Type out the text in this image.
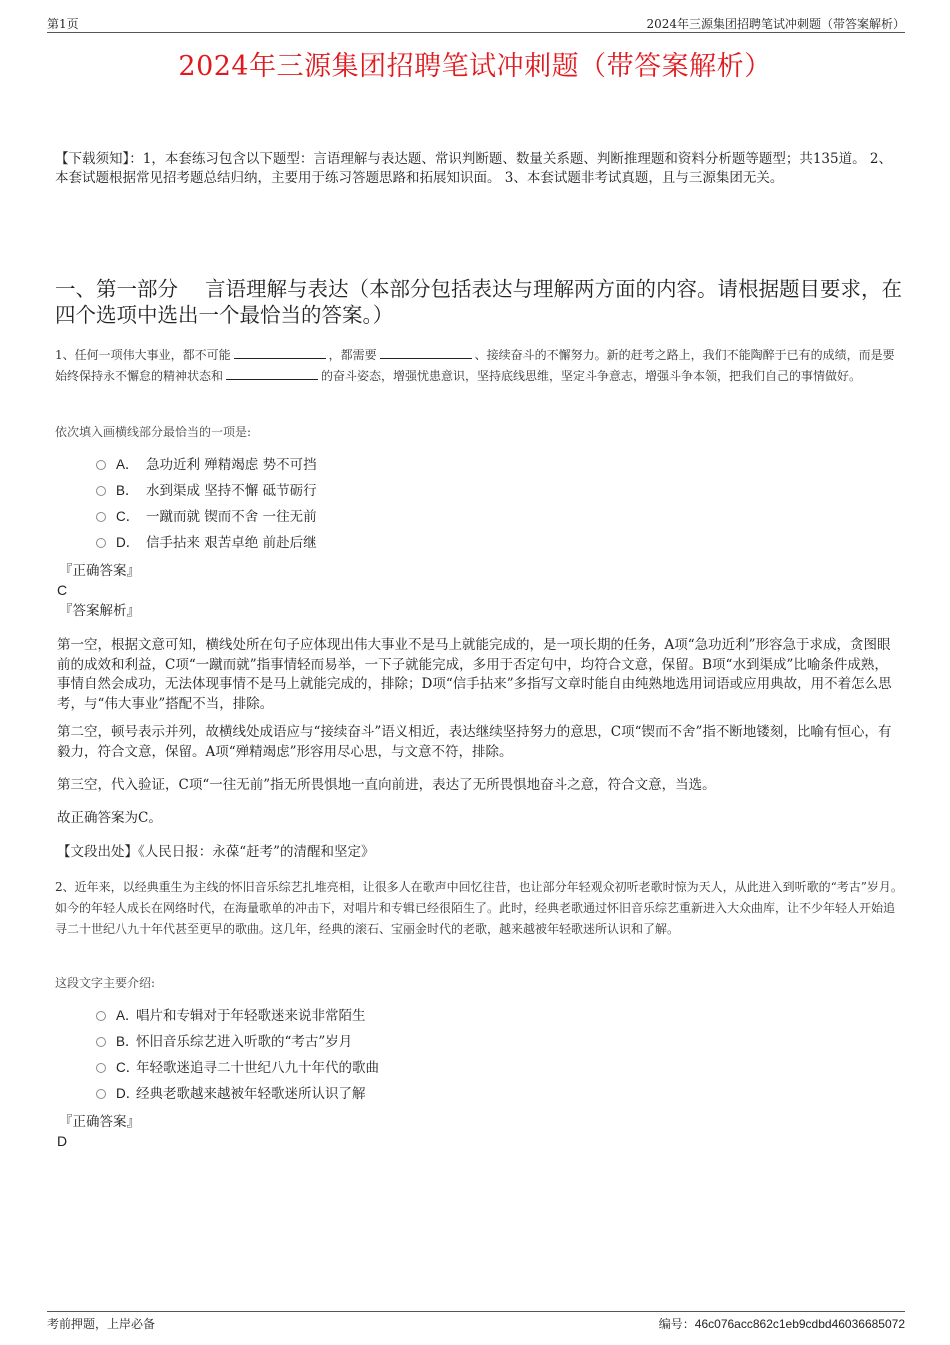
第1页	2024年三源集团招聘笔试冲刺题（带答案解析）
2024年三源集团招聘笔试冲刺题（带答案解析）
【下载须知】：1，本套练习包含以下题型：言语理解与表达题、常识判断题、数量关系题、判断推理题和资料分析题等题型；共135道。 2、本套试题根据常见招考题总结归纳，主要用于练习答题思路和拓展知识面。 3、本套试题非考试真题，且与三源集团无关。
一、第一部分　 言语理解与表达（本部分包括表达与理解两方面的内容。请根据题目要求，在四个选项中选出一个最恰当的答案。）
1、任何一项伟大事业，都不可能	，都需要	、接续奋斗的不懈努力。新的赶考之路上，我们不能陶醉于已有的成绩，而是要始终保持永不懈怠的精神状态和	的奋斗姿态，增强忧患意识，坚持底线思维，坚定斗争意志，增强斗争本领，把我们自己的事情做好。
依次填入画横线部分最恰当的一项是:
A． 急功近利 殚精竭虑 势不可挡
B． 水到渠成 坚持不懈 砥节砺行
C． 一蹴而就 锲而不舍 一往无前
D． 信手拈来 艰苦卓绝 前赴后继
『正确答案』
C
『答案解析』
第一空，根据文意可知，横线处所在句子应体现出伟大事业不是马上就能完成的，是一项长期的任务，A项“急功近利”形容急于求成，贪图眼前的成效和利益，C项“一蹴而就”指事情轻而易举，一下子就能完成，多用于否定句中，均符合文意，保留。B项“水到渠成”比喻条件成熟，事情自然会成功，无法体现事情不是马上就能完成的，排除；D项“信手拈来”多指写文章时能自由纯熟地选用词语或应用典故，用不着怎么思考，与“伟大事业”搭配不当，排除。
第二空，顿号表示并列，故横线处成语应与“接续奋斗”语义相近，表达继续坚持努力的意思，C项“锲而不舍”指不断地镂刻，比喻有恒心，有毅力，符合文意，保留。A项“殚精竭虑”形容用尽心思，与文意不符，排除。
第三空，代入验证，C项“一往无前”指无所畏惧地一直向前进，表达了无所畏惧地奋斗之意，符合文意，当选。
故正确答案为C。
【文段出处】《人民日报：永葆“赶考”的清醒和坚定》
2、近年来，以经典重生为主线的怀旧音乐综艺扎堆亮相，让很多人在歌声中回忆往昔，也让部分年轻观众初听老歌时惊为天人，从此进入到听歌的“考古”岁月。如今的年轻人成长在网络时代，在海量歌单的冲击下，对唱片和专辑已经很陌生了。此时，经典老歌通过怀旧音乐综艺重新进入大众曲库，让不少年轻人开始追寻二十世纪八九十年代甚至更早的歌曲。这几年，经典的滚石、宝丽金时代的老歌，越来越被年轻歌迷所认识和了解。
这段文字主要介绍:
A．唱片和专辑对于年轻歌迷来说非常陌生
B．怀旧音乐综艺进入听歌的“考古”岁月
C．年轻歌迷追寻二十世纪八九十年代的歌曲
D．经典老歌越来越被年轻歌迷所认识了解
『正确答案』
D
考前押题，上岸必备	编号：46c076acc862c1eb9cdbd46036685072
